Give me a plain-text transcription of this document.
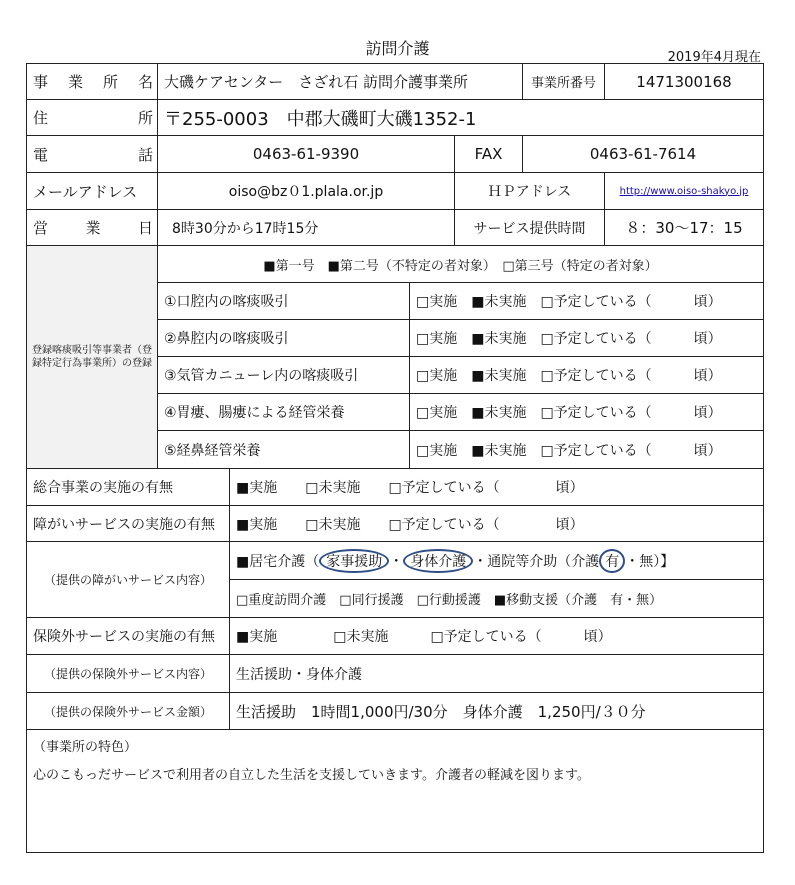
訪問介護	2019年4月現在
事 業 所 名 大磯ケアセンター　さざれ石 訪問介護事業所	事業所番号	1471300168
住	所 〒255-0003　中郡大磯町大磯1352-1
電	話	0463-61-9390	FAX	0463-61-7614
メールアドレス	oiso@bz０1.plala.or.jp	ＨＰアドレス	http://www.oiso-shakyo.jp
営 業 日	8時30分から17時15分	サービス提供時間	８：30～17：15
登録喀痰吸引等事業者（登録特定行為事業所）の登録
■第一号　■第二号（不特定の者対象）　□第三号（特定の者対象）
①口腔内の喀痰吸引	□実施　■未実施　□予定している（　　　頃）
②鼻腔内の喀痰吸引	□実施　■未実施　□予定している（　　　頃）
③気管カニューレ内の喀痰吸引	□実施　■未実施　□予定している（　　　頃）
④胃瘻、腸瘻による経管栄養	□実施　■未実施　□予定している（　　　頃）
⑤経鼻経管栄養	□実施　■未実施　□予定している（　　　頃）
総合事業の実施の有無	■実施　　□未実施　　□予定している（　　　　頃）
障がいサービスの実施の有無	■実施　　□未実施　　□予定している（　　　　頃）
（提供の障がいサービス内容）
■居宅介護（ 家事援助 ・ 身体介護 ・通院等介助（介護 有 ・ 無）】
□重度訪問介護　□同行援護　□行動援護　■移動支援（介護　有・無）
保険外サービスの実施の有無	■実施　　　　□未実施　　　□予定している（　　　頃）
（提供の保険外サービス内容）	生活援助・身体介護
（提供の保険外サービス金額）	生活援助　1時間1,000円/30分　身体介護　1,250円/３０分
（事業所の特色）
心のこもっだサービスで利用者の自立した生活を支援していきます。介護者の軽減を図ります。
